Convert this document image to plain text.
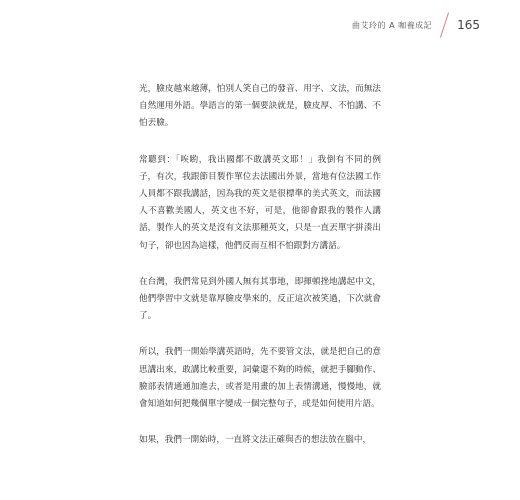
曲艾玲的 A 咖養成記 165

光，臉皮越來越薄，怕別人笑自己的發音、用字、文法，而無法自然運用外語。學語言的第一個要訣就是，臉皮厚、不怕講、不怕丟臉。

常聽到：「唉喲，我出國都不敢講英文耶！」我倒有不同的例子，有次，我跟節目製作單位去法國出外景，當地有位法國工作人員都不跟我講話，因為我的英文是很標準的美式英文，而法國人不喜歡美國人，英文也不好，可是，他卻會跟我的製作人講話，製作人的英文是沒有文法那種英文，只是一直丟單字拼湊出句子，卻也因為這樣，他們反而互相不怕跟對方講話。

在台灣，我們常見到外國人無有其事地，即揮頓挫地講起中文，他們學習中文就是靠厚臉皮學來的，反正這次被笑過，下次就會了。

所以，我們一開始學講英語時，先不要管文法，就是把自己的意思講出來，敢講比較重要，詞彙還不夠的時候，就把手腳動作、臉部表情通通加進去，或者是用畫的加上表情溝通，慢慢地，就會知道如何把幾個單字變成一個完整句子，或是如何使用片語。

如果，我們一開始時，一直將文法正確與否的想法放在腦中，
